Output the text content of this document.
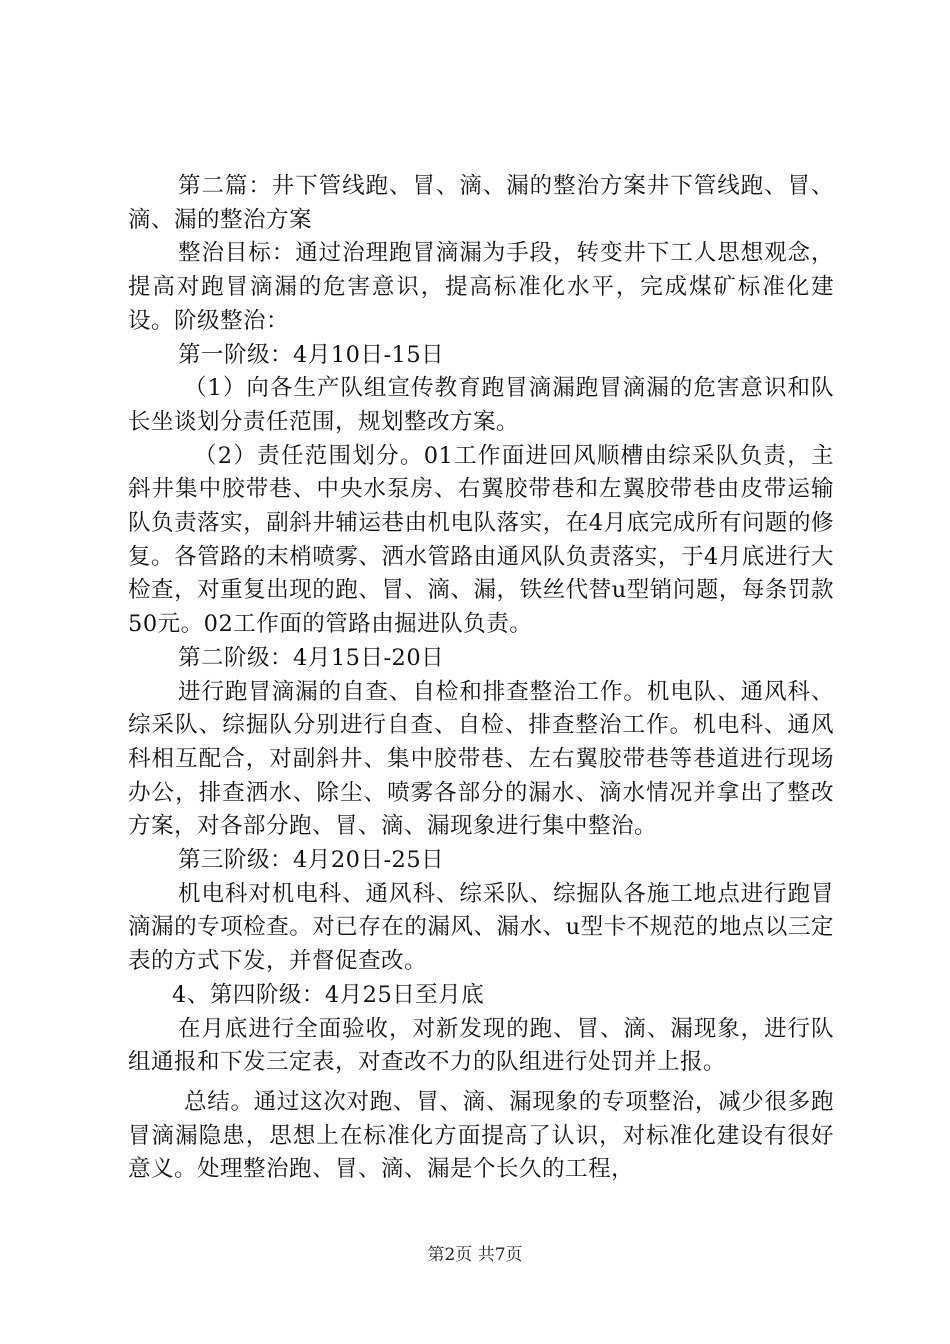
第二篇：井下管线跑、冒、滴、漏的整治方案井下管线跑、冒、滴、漏的整治方案

整治目标：通过治理跑冒滴漏为手段，转变井下工人思想观念，提高对跑冒滴漏的危害意识，提高标准化水平，完成煤矿标准化建设。阶级整治：

第一阶级：4月10日-15日

（1）向各生产队组宣传教育跑冒滴漏跑冒滴漏的危害意识和队长坐谈划分责任范围，规划整改方案。

（2）责任范围划分。01工作面进回风顺槽由综采队负责，主斜井集中胶带巷、中央水泵房、右翼胶带巷和左翼胶带巷由皮带运输队负责落实，副斜井辅运巷由机电队落实，在4月底完成所有问题的修复。各管路的末梢喷雾、洒水管路由通风队负责落实，于4月底进行大检查，对重复出现的跑、冒、滴、漏，铁丝代替u型销问题，每条罚款50元。02工作面的管路由掘进队负责。

第二阶级：4月15日-20日

进行跑冒滴漏的自查、自检和排查整治工作。机电队、通风科、综采队、综掘队分别进行自查、自检、排查整治工作。机电科、通风科相互配合，对副斜井、集中胶带巷、左右翼胶带巷等巷道进行现场办公，排查洒水、除尘、喷雾各部分的漏水、滴水情况并拿出了整改方案，对各部分跑、冒、滴、漏现象进行集中整治。

第三阶级：4月20日-25日

机电科对机电科、通风科、综采队、综掘队各施工地点进行跑冒滴漏的专项检查。对已存在的漏风、漏水、u型卡不规范的地点以三定表的方式下发，并督促查改。

4、第四阶级：4月25日至月底

在月底进行全面验收，对新发现的跑、冒、滴、漏现象，进行队组通报和下发三定表，对查改不力的队组进行处罚并上报。

总结。通过这次对跑、冒、滴、漏现象的专项整治，减少很多跑冒滴漏隐患，思想上在标准化方面提高了认识，对标准化建设有很好意义。处理整治跑、冒、滴、漏是个长久的工程，

第2页 共7页
